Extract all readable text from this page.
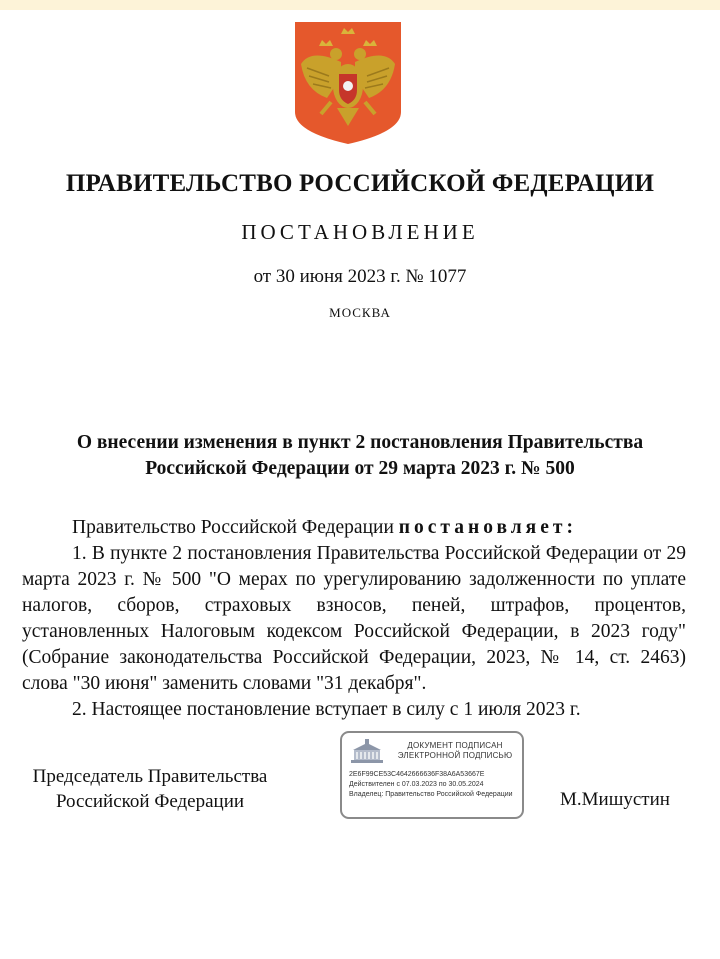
ПРАВИТЕЛЬСТВО РОССИЙСКОЙ ФЕДЕРАЦИИ
ПОСТАНОВЛЕНИЕ
от 30 июня 2023 г. № 1077
МОСКВА
О внесении изменения в пункт 2 постановления Правительства
Российской Федерации от 29 марта 2023 г. № 500

Правительство Российской Федерации постановляет:

1. В пункте 2 постановления Правительства Российской Федерации от 29 марта 2023 г. № 500 "О мерах по урегулированию задолженности по уплате налогов, сборов, страховых взносов, пеней, штрафов, процентов, установленных Налоговым кодексом Российской Федерации, в 2023 году" (Собрание законодательства Российской Федерации, 2023, № 14, ст. 2463) слова "30 июня" заменить словами "31 декабря".

2. Настоящее постановление вступает в силу с 1 июля 2023 г.

Председатель Правительства
Российской Федерации
ДОКУМЕНТ ПОДПИСАН
ЭЛЕКТРОННОЙ ПОДПИСЬЮ
2E6F99CE53C4642666636F38A6A53667E
Действителен с 07.03.2023 по 30.05.2024
Владелец: Правительство Российской Федерации М.Мишустин
